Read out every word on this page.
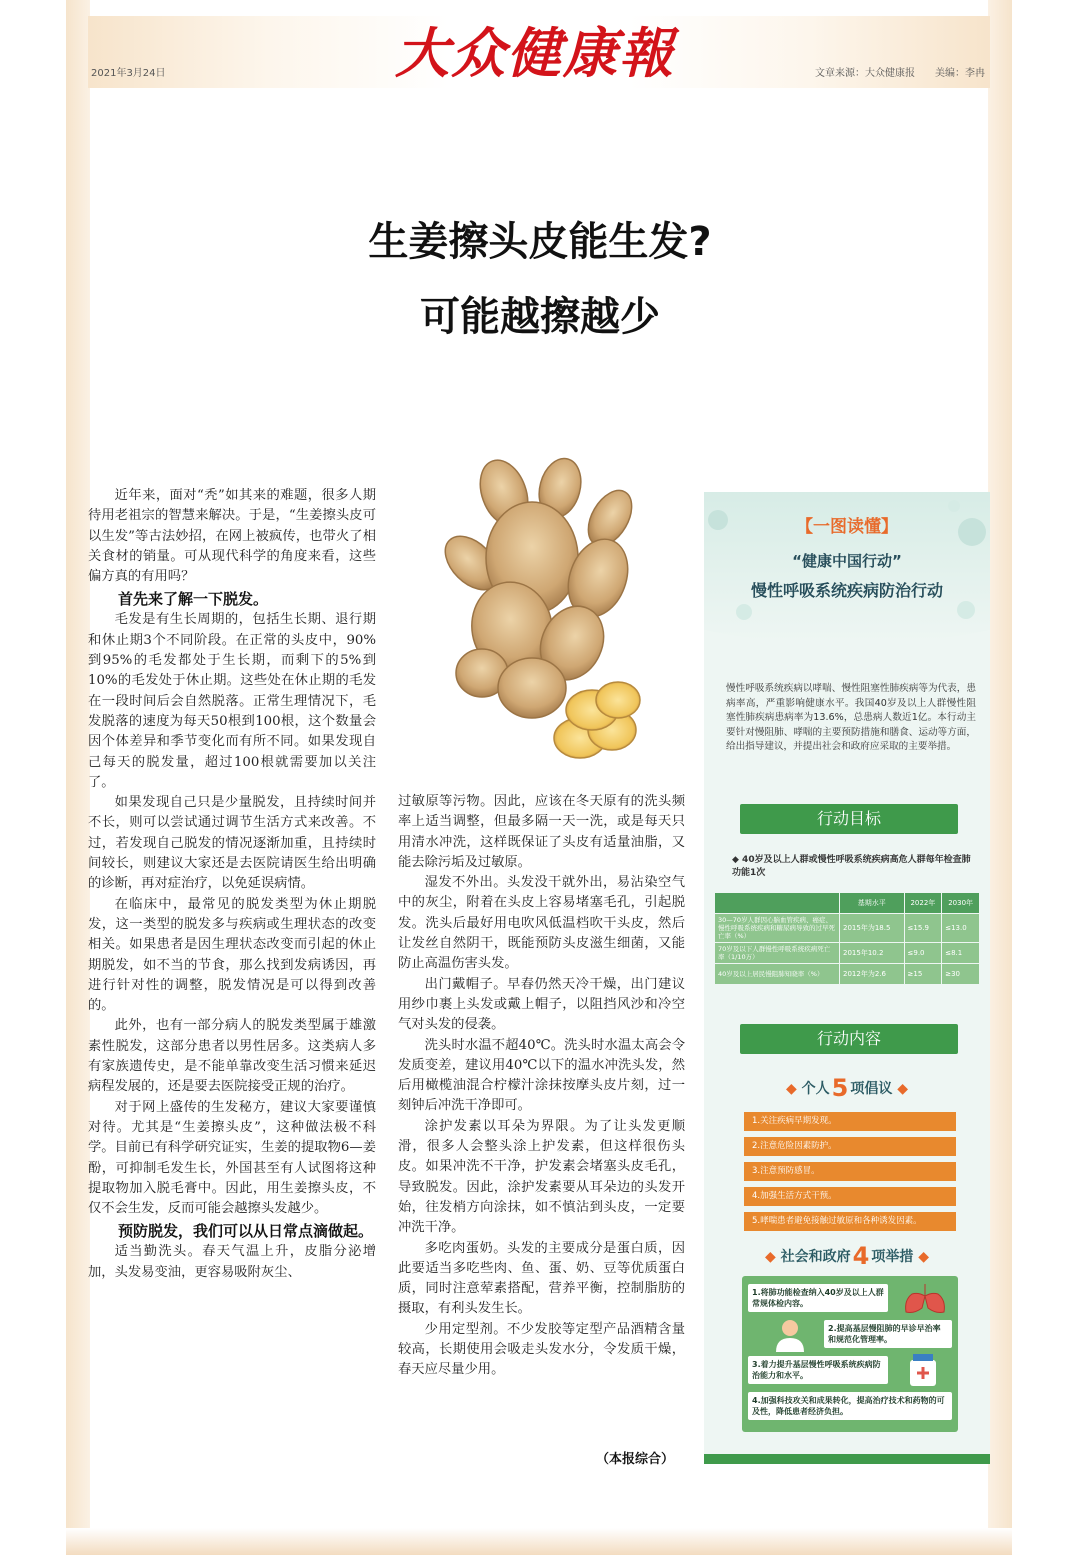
2021年3月24日	大众健康報	文章来源：大众健康报 美编：李冉
生姜擦头皮能生发?
可能越擦越少

近年来，面对“秃”如其来的难题，很多人期待用老祖宗的智慧来解决。于是，“生姜擦头皮可以生发”等古法妙招，在网上被疯传，也带火了相关食材的销量。可从现代科学的角度来看，这些偏方真的有用吗？

首先来了解一下脱发。

毛发是有生长周期的，包括生长期、退行期和休止期3个不同阶段。在正常的头皮中，90%到95%的毛发都处于生长期，而剩下的5%到10%的毛发处于休止期。这些处在休止期的毛发在一段时间后会自然脱落。正常生理情况下，毛发脱落的速度为每天50根到100根，这个数量会因个体差异和季节变化而有所不同。如果发现自己每天的脱发量，超过100根就需要加以关注了。

如果发现自己只是少量脱发，且持续时间并不长，则可以尝试通过调节生活方式来改善。不过，若发现自己脱发的情况逐渐加重，且持续时间较长，则建议大家还是去医院请医生给出明确的诊断，再对症治疗，以免延误病情。

在临床中，最常见的脱发类型为休止期脱发，这一类型的脱发多与疾病或生理状态的改变相关。如果患者是因生理状态改变而引起的休止期脱发，如不当的节食，那么找到发病诱因，再进行针对性的调整，脱发情况是可以得到改善的。

此外，也有一部分病人的脱发类型属于雄激素性脱发，这部分患者以男性居多。这类病人多有家族遗传史，是不能单靠改变生活习惯来延迟病程发展的，还是要去医院接受正规的治疗。

对于网上盛传的生发秘方，建议大家要谨慎对待。尤其是“生姜擦头皮”，这种做法极不科学。目前已有科学研究证实，生姜的提取物6—姜酚，可抑制毛发生长，外国甚至有人试图将这种提取物加入脱毛膏中。因此，用生姜擦头皮，不仅不会生发，反而可能会越擦头发越少。

预防脱发，我们可以从日常点滴做起。

适当勤洗头。春天气温上升，皮脂分泌增加，头发易变油，更容易吸附灰尘、

过敏原等污物。因此，应该在冬天原有的洗头频率上适当调整，但最多隔一天一洗，或是每天只用清水冲洗，这样既保证了头皮有适量油脂，又能去除污垢及过敏原。

湿发不外出。头发没干就外出，易沾染空气中的灰尘，附着在头皮上容易堵塞毛孔，引起脱发。洗头后最好用电吹风低温档吹干头皮，然后让发丝自然阴干，既能预防头皮滋生细菌，又能防止高温伤害头发。

出门戴帽子。早春仍然天冷干燥，出门建议用纱巾裹上头发或戴上帽子，以阻挡风沙和冷空气对头发的侵袭。

洗头时水温不超40℃。洗头时水温太高会令发质变差，建议用40℃以下的温水冲洗头发，然后用橄榄油混合柠檬汁涂抹按摩头皮片刻，过一刻钟后冲洗干净即可。

涂护发素以耳朵为界限。为了让头发更顺滑，很多人会整头涂上护发素，但这样很伤头皮。如果冲洗不干净，护发素会堵塞头皮毛孔，导致脱发。因此，涂护发素要从耳朵边的头发开始，往发梢方向涂抹，如不慎沾到头皮，一定要冲洗干净。

多吃肉蛋奶。头发的主要成分是蛋白质，因此要适当多吃些肉、鱼、蛋、奶、豆等优质蛋白质，同时注意荤素搭配，营养平衡，控制脂肪的摄取，有利头发生长。

少用定型剂。不少发胶等定型产品酒精含量较高，长期使用会吸走头发水分，令发质干燥，春天应尽量少用。

（本报综合）
【一图读懂】
“健康中国行动”
慢性呼吸系统疾病防治行动
慢性呼吸系统疾病以哮喘、慢性阻塞性肺疾病等为代表，患病率高，严重影响健康水平。我国40岁及以上人群慢性阻塞性肺疾病患病率为13.6%，总患病人数近1亿。本行动主要针对慢阻肺、哮喘的主要预防措施和膳食、运动等方面，给出指导建议，并提出社会和政府应采取的主要举措。
行动目标
◆ 40岁及以上人群或慢性呼吸系统疾病高危人群每年检查肺功能1次
	基期水平	2022年	2030年
30—70岁人群因心脑血管疾病、癌症、慢性呼吸系统疾病和糖尿病导致的过早死亡率（%）	2015年为18.5	≤15.9	≤13.0
70岁及以下人群慢性呼吸系统疾病死亡率（1/10万）	2015年10.2	≤9.0	≤8.1
40岁及以上居民慢阻肺知晓率（%）	2012年为2.6	≥15	≥30
行动内容
◆ 个人5 项倡议 ◆
1.关注疾病早期发现。
2.注意危险因素防护。
3.注意预防感冒。
4.加强生活方式干预。
5.哮喘患者避免接触过敏原和各种诱发因素。
◆ 社会和政府4 项举措 ◆
1.将肺功能检查纳入40岁及以上人群常规体检内容。
2.提高基层慢阻肺的早诊早治率和规范化管理率。
3.着力提升基层慢性呼吸系统疾病防治能力和水平。
4.加强科技攻关和成果转化，提高治疗技术和药物的可及性，降低患者经济负担。
